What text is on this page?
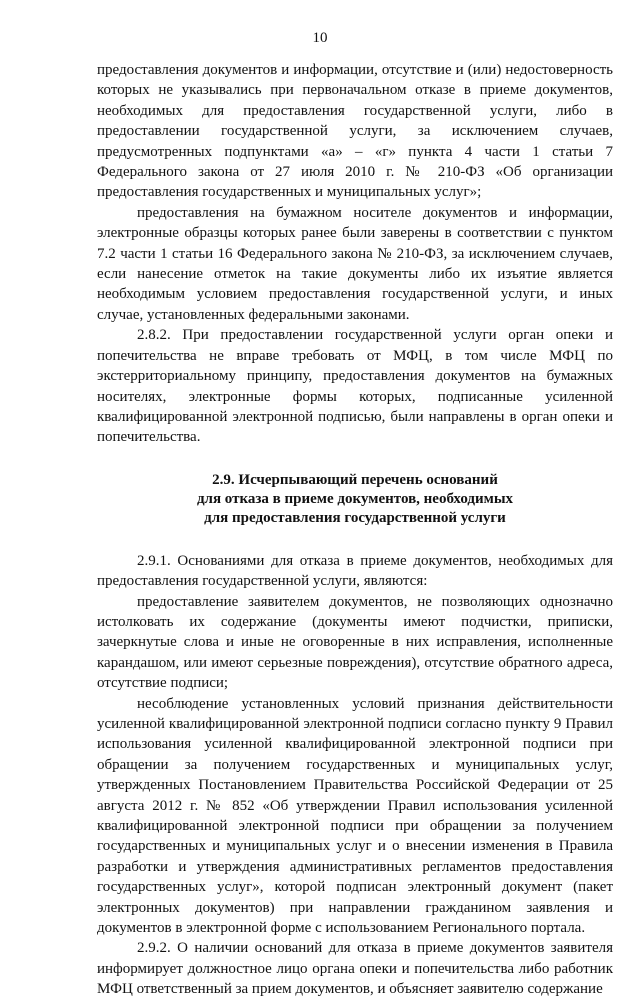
10

предоставления документов и информации, отсутствие и (или) недостоверность которых не указывались при первоначальном отказе в приеме документов, необходимых для предоставления государственной услуги, либо в предоставлении государственной услуги, за исключением случаев, предусмотренных подпунктами «а» – «г» пункта 4 части 1 статьи 7 Федерального закона от 27 июля 2010 г. № 210-ФЗ «Об организации предоставления государственных и муниципальных услуг»;

предоставления на бумажном носителе документов и информации, электронные образцы которых ранее были заверены в соответствии с пунктом 7.2 части 1 статьи 16 Федерального закона № 210-ФЗ, за исключением случаев, если нанесение отметок на такие документы либо их изъятие является необходимым условием предоставления государственной услуги, и иных случае, установленных федеральными законами.

2.8.2. При предоставлении государственной услуги орган опеки и попечительства не вправе требовать от МФЦ, в том числе МФЦ по экстерриториальному принципу, предоставления документов на бумажных носителях, электронные формы которых, подписанные усиленной квалифицированной электронной подписью, были направлены в орган опеки и попечительства.

2.9. Исчерпывающий перечень оснований
для отказа в приеме документов, необходимых
для предоставления государственной услуги

2.9.1. Основаниями для отказа в приеме документов, необходимых для предоставления государственной услуги, являются:

предоставление заявителем документов, не позволяющих однозначно истолковать их содержание (документы имеют подчистки, приписки, зачеркнутые слова и иные не оговоренные в них исправления, исполненные карандашом, или имеют серьезные повреждения), отсутствие обратного адреса, отсутствие подписи;

несоблюдение установленных условий признания действительности усиленной квалифицированной электронной подписи согласно пункту 9 Правил использования усиленной квалифицированной электронной подписи при обращении за получением государственных и муниципальных услуг, утвержденных Постановлением Правительства Российской Федерации от 25 августа 2012 г. № 852 «Об утверждении Правил использования усиленной квалифицированной электронной подписи при обращении за получением государственных и муниципальных услуг и о внесении изменения в Правила разработки и утверждения административных регламентов предоставления государственных услуг», которой подписан электронный документ (пакет электронных документов) при направлении гражданином заявления и документов в электронной форме с использованием Регионального портала.

2.9.2. О наличии оснований для отказа в приеме документов заявителя информирует должностное лицо органа опеки и попечительства либо работник МФЦ ответственный за прием документов, и объясняет заявителю содержание
